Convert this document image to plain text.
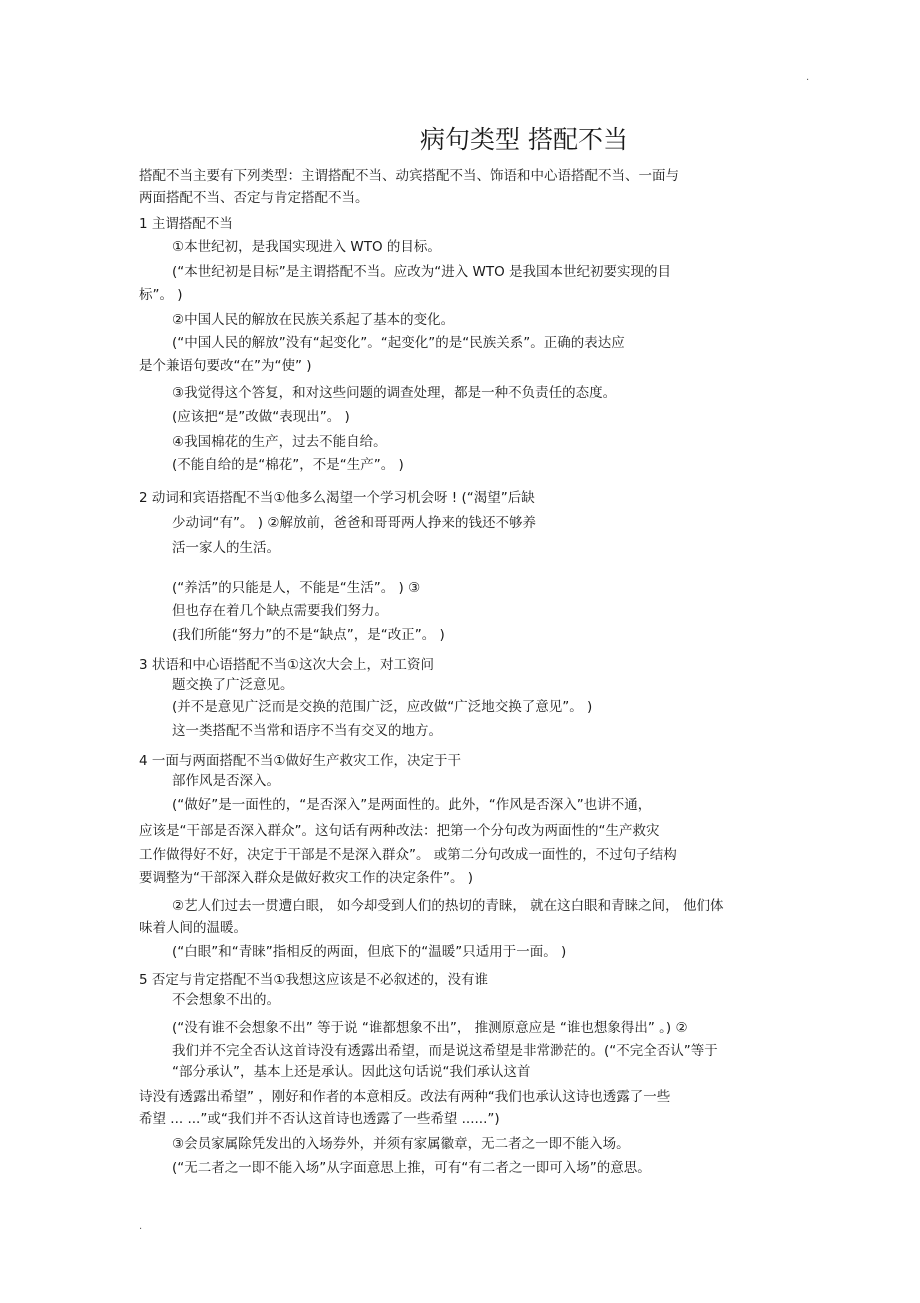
.
病句类型 搭配不当
搭配不当主要有下列类型：主谓搭配不当、动宾搭配不当、饰语和中心语搭配不当、一面与
两面搭配不当、否定与肯定搭配不当。
1 主谓搭配不当
①本世纪初，是我国实现进入 WTO 的目标。
(“本世纪初是目标”是主谓搭配不当。应改为“进入 WTO 是我国本世纪初要实现的目
标”。 )
②中国人民的解放在民族关系起了基本的变化。
(“中国人民的解放”没有“起变化”。“起变化”的是“民族关系”。正确的表达应
是个兼语句要改“在”为“使” )
③我觉得这个答复，和对这些问题的调查处理，都是一种不负责任的态度。
(应该把“是”改做“表现出”。 )
④我国棉花的生产，过去不能自给。
(不能自给的是“棉花”，不是“生产”。 )
2 动词和宾语搭配不当①他多么渴望一个学习机会呀 ! (“渴望”后缺
少动词“有”。 ) ②解放前，爸爸和哥哥两人挣来的钱还不够养
活一家人的生活。
(“养活”的只能是人，不能是“生活”。 ) ③
但也存在着几个缺点需要我们努力。
(我们所能“努力”的不是“缺点”，是“改正”。 )
3 状语和中心语搭配不当①这次大会上，对工资问
题交换了广泛意见。
(并不是意见广泛而是交换的范围广泛，应改做“广泛地交换了意见”。 )
这一类搭配不当常和语序不当有交叉的地方。
4 一面与两面搭配不当①做好生产救灾工作，决定于干
部作风是否深入。
(“做好”是一面性的，“是否深入”是两面性的。此外，“作风是否深入”也讲不通，
应该是“干部是否深入群众”。这句话有两种改法：把第一个分句改为两面性的“生产救灾
工作做得好不好，决定于干部是不是深入群众”。 或第二分句改成一面性的，不过句子结构
要调整为“干部深入群众是做好救灾工作的决定条件”。 )
②艺人们过去一贯遭白眼， 如今却受到人们的热切的青睐， 就在这白眼和青睐之间， 他们体
味着人间的温暖。
(“白眼”和“青睐”指相反的两面，但底下的“温暖”只适用于一面。 )
5 否定与肯定搭配不当①我想这应该是不必叙述的，没有谁
不会想象不出的。
(“没有谁不会想象不出” 等于说 “谁都想象不出”， 推测原意应是 “谁也想象得出” 。) ②
我们并不完全否认这首诗没有透露出希望，而是说这希望是非常渺茫的。(“不完全否认”等于
“部分承认”，基本上还是承认。因此这句话说“我们承认这首
诗没有透露出希望” ，刚好和作者的本意相反。改法有两种“我们也承认这诗也透露了一些
希望 ... ...”或“我们并不否认这首诗也透露了一些希望 ......”)
③会员家属除凭发出的入场券外，并须有家属徽章，无二者之一即不能入场。
(“无二者之一即不能入场”从字面意思上推，可有“有二者之一即可入场”的意思。
.
